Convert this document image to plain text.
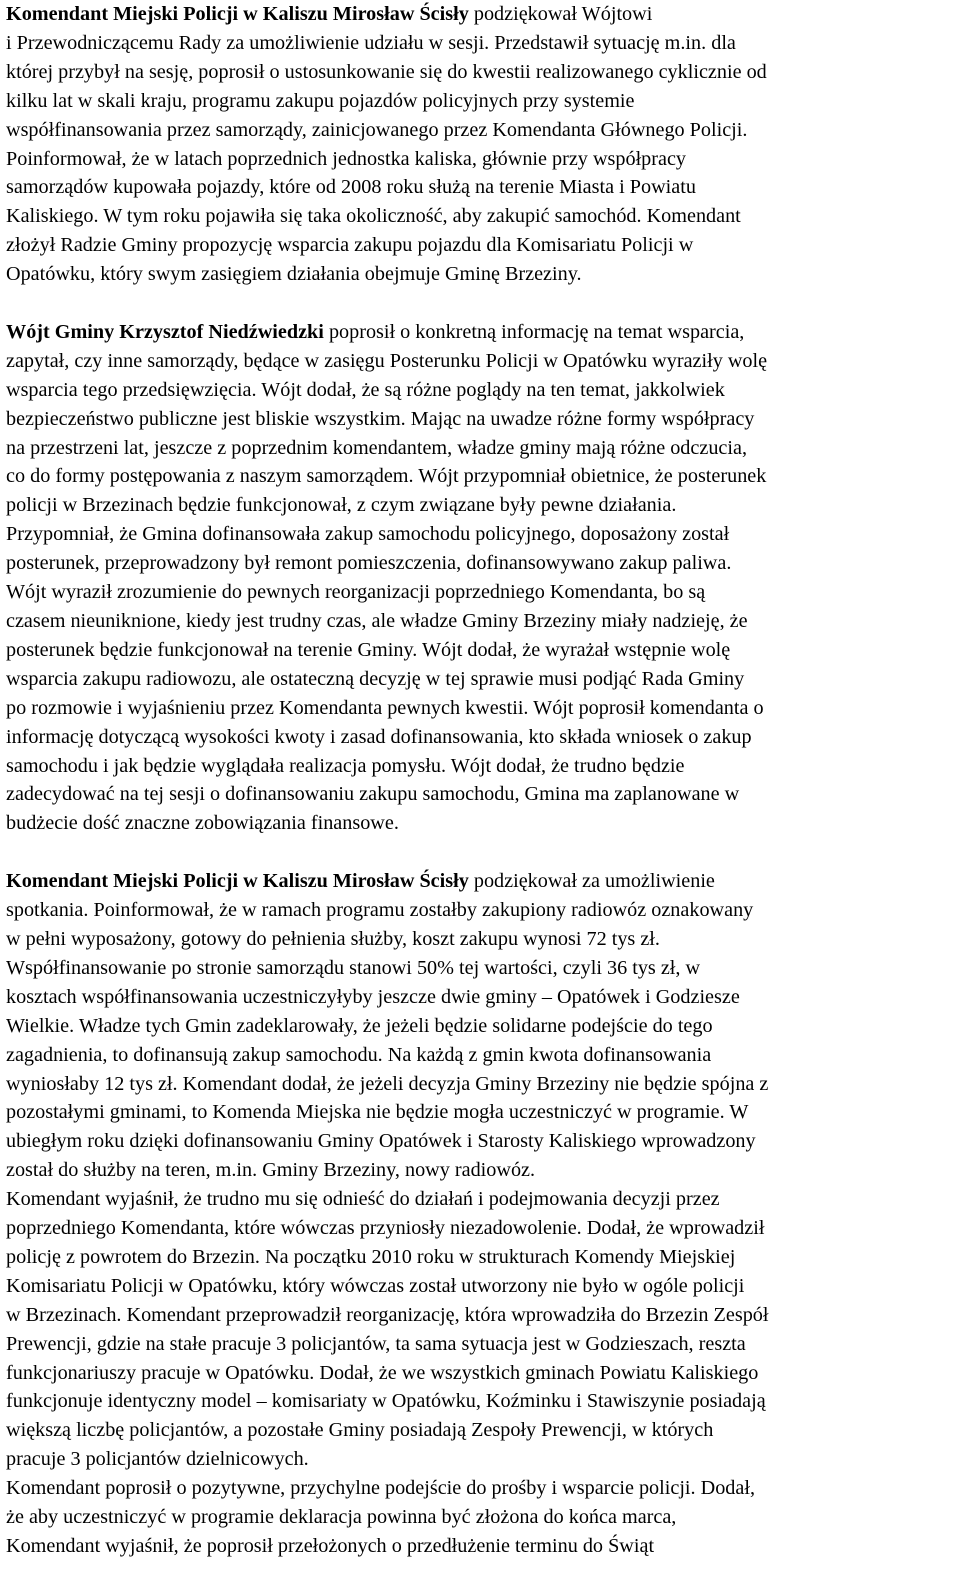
Komendant Miejski Policji w Kaliszu Mirosław Ścisły podziękował Wójtowi
i Przewodniczącemu Rady za umożliwienie udziału w sesji. Przedstawił sytuację m.in. dla
której przybył na sesję, poprosił o ustosunkowanie się do kwestii realizowanego cyklicznie od
kilku lat w skali kraju, programu zakupu pojazdów policyjnych przy systemie
współfinansowania przez samorządy, zainicjowanego przez Komendanta Głównego Policji.
Poinformował, że w latach poprzednich jednostka kaliska, głównie przy współpracy
samorządów kupowała pojazdy, które od 2008 roku służą na terenie Miasta i Powiatu
Kaliskiego. W tym roku pojawiła się taka okoliczność, aby zakupić samochód. Komendant
złożył Radzie Gminy propozycję wsparcia zakupu pojazdu dla Komisariatu Policji w
Opatówku, który swym zasięgiem działania obejmuje Gminę Brzeziny.

Wójt Gminy Krzysztof Niedźwiedzki poprosił o konkretną informację na temat wsparcia,
zapytał, czy inne samorządy, będące w zasięgu Posterunku Policji w Opatówku wyraziły wolę
wsparcia tego przedsięwzięcia. Wójt dodał, że są różne poglądy na ten temat, jakkolwiek
bezpieczeństwo publiczne jest bliskie wszystkim. Mając na uwadze różne formy współpracy
na przestrzeni lat, jeszcze z poprzednim komendantem, władze gminy mają różne odczucia,
co do formy postępowania z naszym samorządem. Wójt przypomniał obietnice, że posterunek
policji w Brzezinach będzie funkcjonował, z czym związane były pewne działania.
Przypomniał, że Gmina dofinansowała zakup samochodu policyjnego, doposażony został
posterunek, przeprowadzony był remont pomieszczenia, dofinansowywano zakup paliwa.
Wójt wyraził zrozumienie do pewnych reorganizacji poprzedniego Komendanta, bo są
czasem nieuniknione, kiedy jest trudny czas, ale władze Gminy Brzeziny miały nadzieję, że
posterunek będzie funkcjonował na terenie Gminy. Wójt dodał, że wyrażał wstępnie wolę
wsparcia zakupu radiowozu, ale ostateczną decyzję w tej sprawie musi podjąć Rada Gminy
po rozmowie i wyjaśnieniu przez Komendanta pewnych kwestii. Wójt poprosił komendanta o
informację dotyczącą wysokości kwoty i zasad dofinansowania, kto składa wniosek o zakup
samochodu i jak będzie wyglądała realizacja pomysłu. Wójt dodał, że trudno będzie
zadecydować na tej sesji o dofinansowaniu zakupu samochodu, Gmina ma zaplanowane w
budżecie dość znaczne zobowiązania finansowe.

Komendant Miejski Policji w Kaliszu Mirosław Ścisły podziękował za umożliwienie
spotkania. Poinformował, że w ramach programu zostałby zakupiony radiowóz oznakowany
w pełni wyposażony, gotowy do pełnienia służby, koszt zakupu wynosi 72 tys zł.
Współfinansowanie po stronie samorządu stanowi 50% tej wartości, czyli 36 tys zł, w
kosztach współfinansowania uczestniczyłyby jeszcze dwie gminy – Opatówek i Godziesze
Wielkie. Władze tych Gmin zadeklarowały, że jeżeli będzie solidarne podejście do tego
zagadnienia, to dofinansują zakup samochodu. Na każdą z gmin kwota dofinansowania
wyniosłaby 12 tys zł. Komendant dodał, że jeżeli decyzja Gminy Brzeziny nie będzie spójna z
pozostałymi gminami, to Komenda Miejska nie będzie mogła uczestniczyć w programie. W
ubiegłym roku dzięki dofinansowaniu Gminy Opatówek i Starosty Kaliskiego wprowadzony
został do służby na teren, m.in. Gminy Brzeziny, nowy radiowóz.

Komendant wyjaśnił, że trudno mu się odnieść do działań i podejmowania decyzji przez
poprzedniego Komendanta, które wówczas przyniosły niezadowolenie. Dodał, że wprowadził
policję z powrotem do Brzezin. Na początku 2010 roku w strukturach Komendy Miejskiej
Komisariatu Policji w Opatówku, który wówczas został utworzony nie było w ogóle policji
w Brzezinach. Komendant przeprowadził reorganizację, która wprowadziła do Brzezin Zespół
Prewencji, gdzie na stałe pracuje 3 policjantów, ta sama sytuacja jest w Godzieszach, reszta
funkcjonariuszy pracuje w Opatówku. Dodał, że we wszystkich gminach Powiatu Kaliskiego
funkcjonuje identyczny model – komisariaty w Opatówku, Koźminku i Stawiszynie posiadają
większą liczbę policjantów, a pozostałe Gminy posiadają Zespoły Prewencji, w których
pracuje 3 policjantów dzielnicowych.

Komendant poprosił o pozytywne, przychylne podejście do prośby i wsparcie policji. Dodał,
że aby uczestniczyć w programie deklaracja powinna być złożona do końca marca,
Komendant wyjaśnił, że poprosił przełożonych o przedłużenie terminu do Świąt
